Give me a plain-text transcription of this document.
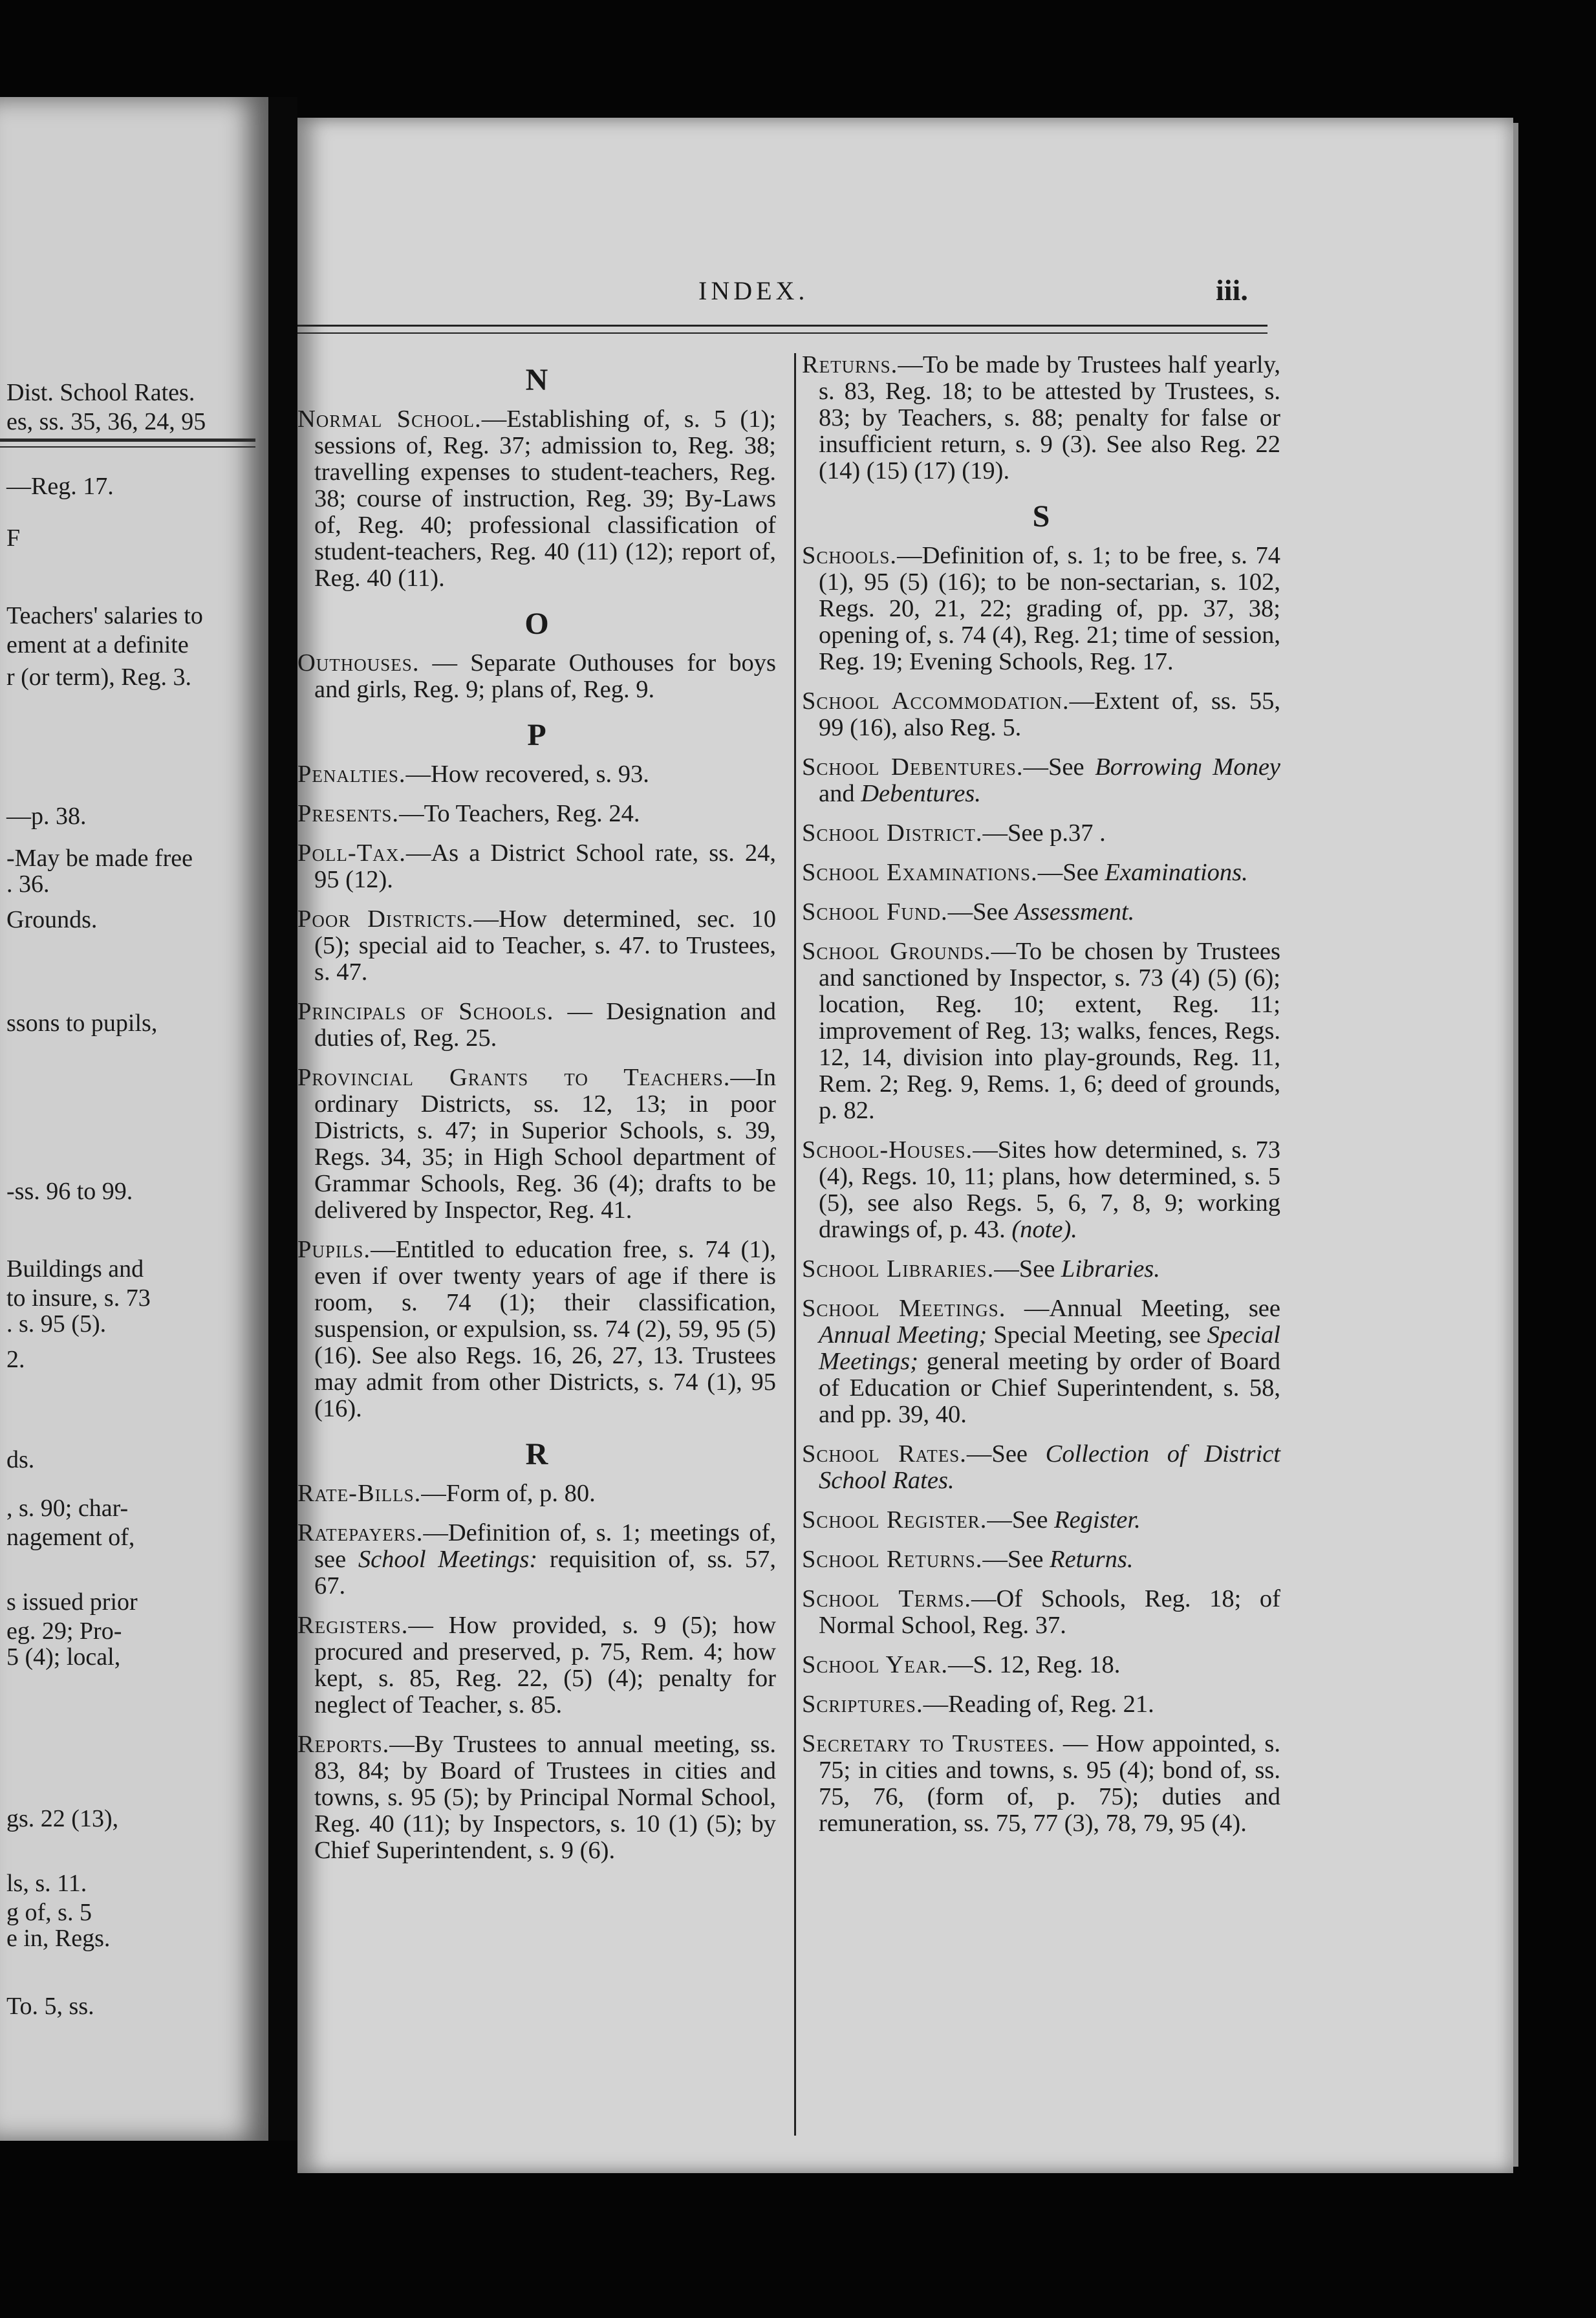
Dist. School Rates.
es, ss. 35, 36, 24, 95
—Reg. 17.
F
Teachers' salaries to
ement at a definite
r (or term), Reg. 3.
—p. 38.
-May be made free
. 36.
Grounds.
ssons to pupils,
-ss. 96 to 99.
Buildings and
to insure, s. 73
. s. 95 (5).
2.
ds.
, s. 90; char-
nagement of,
s issued prior
eg. 29; Pro-
5 (4); local,
gs. 22 (13),
ls, s. 11.
g of, s. 5
e in, Regs.
To. 5, ss.
INDEX.	iii.
N
Normal School.—Establishing of, s. 5 (1); sessions of, Reg. 37; admission to, Reg. 38; travelling expenses to student-teachers, Reg. 38; course of instruction, Reg. 39; By-Laws of, Reg. 40; professional classification of student-teachers, Reg. 40 (11) (12); report of, Reg. 40 (11).
O
Outhouses. — Separate Outhouses for boys and girls, Reg. 9; plans of, Reg. 9.
P
Penalties.—How recovered, s. 93.
Presents.—To Teachers, Reg. 24.
Poll-Tax.—As a District School rate, ss. 24, 95 (12).
Poor Districts.—How determined, sec. 10 (5); special aid to Teacher, s. 47. to Trustees, s. 47.
Principals of Schools. — Designation and duties of, Reg. 25.
Provincial Grants to Teachers.—In ordinary Districts, ss. 12, 13; in poor Districts, s. 47; in Superior Schools, s. 39, Regs. 34, 35; in High School department of Grammar Schools, Reg. 36 (4); drafts to be delivered by Inspector, Reg. 41.
Pupils.—Entitled to education free, s. 74 (1), even if over twenty years of age if there is room, s. 74 (1); their classification, suspension, or expulsion, ss. 74 (2), 59, 95 (5) (16). See also Regs. 16, 26, 27, 13. Trustees may admit from other Districts, s. 74 (1), 95 (16).
R
Rate-Bills.—Form of, p. 80.
Ratepayers.—Definition of, s. 1; meetings of, see School Meetings: requisition of, ss. 57, 67.
Registers.— How provided, s. 9 (5); how procured and preserved, p. 75, Rem. 4; how kept, s. 85, Reg. 22, (5) (4); penalty for neglect of Teacher, s. 85.
Reports.—By Trustees to annual meeting, ss. 83, 84; by Board of Trustees in cities and towns, s. 95 (5); by Principal Normal School, Reg. 40 (11); by Inspectors, s. 10 (1) (5); by Chief Superintendent, s. 9 (6).
Returns.—To be made by Trustees half yearly, s. 83, Reg. 18; to be attested by Trustees, s. 83; by Teachers, s. 88; penalty for false or insufficient return, s. 9 (3). See also Reg. 22 (14) (15) (17) (19).
S
Schools.—Definition of, s. 1; to be free, s. 74 (1), 95 (5) (16); to be non-sectarian, s. 102, Regs. 20, 21, 22; grading of, pp. 37, 38; opening of, s. 74 (4), Reg. 21; time of session, Reg. 19; Evening Schools, Reg. 17.
School Accommodation.—Extent of, ss. 55, 99 (16), also Reg. 5.
School Debentures.—See Borrowing Money and Debentures.
School District.—See p.37 .
School Examinations.—See Examinations.
School Fund.—See Assessment.
School Grounds.—To be chosen by Trustees and sanctioned by Inspector, s. 73 (4) (5) (6); location, Reg. 10; extent, Reg. 11; improvement of Reg. 13; walks, fences, Regs. 12, 14, division into play-grounds, Reg. 11, Rem. 2; Reg. 9, Rems. 1, 6; deed of grounds, p. 82.
School-Houses.—Sites how determined, s. 73 (4), Regs. 10, 11; plans, how determined, s. 5 (5), see also Regs. 5, 6, 7, 8, 9; working drawings of, p. 43. (note).
School Libraries.—See Libraries.
School Meetings. —Annual Meeting, see Annual Meeting; Special Meeting, see Special Meetings; general meeting by order of Board of Education or Chief Superintendent, s. 58, and pp. 39, 40.
School Rates.—See Collection of District School Rates.
School Register.—See Register.
School Returns.—See Returns.
School Terms.—Of Schools, Reg. 18; of Normal School, Reg. 37.
School Year.—S. 12, Reg. 18.
Scriptures.—Reading of, Reg. 21.
Secretary to Trustees. — How appointed, s. 75; in cities and towns, s. 95 (4); bond of, ss. 75, 76, (form of, p. 75); duties and remuneration, ss. 75, 77 (3), 78, 79, 95 (4).
